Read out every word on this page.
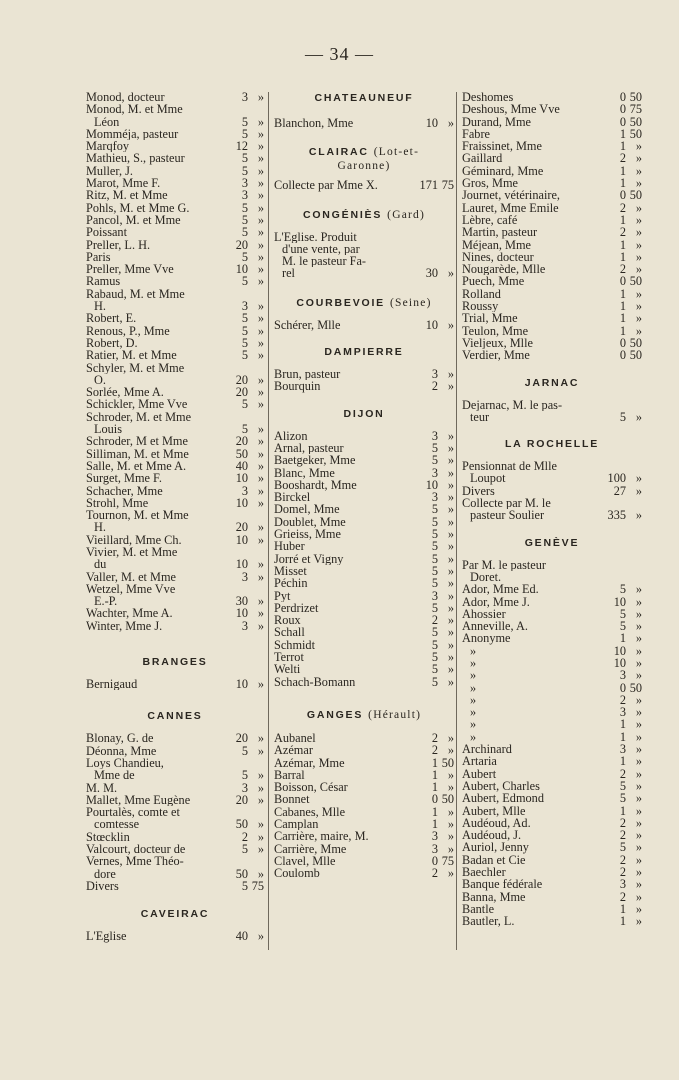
— 34 —
Monod, docteur	3 »
Monod, M. et Mme
Léon	5 »
Momméja, pasteur	5 »
Marqfoy	12 »
Mathieu, S., pasteur	5 »
Muller, J.	5 »
Marot, Mme F.	3 »
Ritz, M. et Mme	3 »
Pohls, M. et Mme G.	5 »
Pancol, M. et Mme	5 »
Poissant	5 »
Preller, L. H.	20 »
Paris	5 »
Preller, Mme Vve	10 »
Ramus	5 »
Rabaud, M. et Mme
H.	3 »
Robert, E.	5 »
Renous, P., Mme	5 »
Robert, D.	5 »
Ratier, M. et Mme	5 »
Schyler, M. et Mme
O.	20 »
Sorlée, Mme A.	20 »
Schickler, Mme Vve	5 »
Schroder, M. et Mme
Louis	5 »
Schroder, M et Mme	20 »
Silliman, M. et Mme	50 »
Salle, M. et Mme A.	40 »
Surget, Mme F.	10 »
Schacher, Mme	3 »
Strohl, Mme	10 »
Tournon, M. et Mme
H.	20 »
Vieillard, Mme Ch.	10 »
Vivier, M. et Mme
du	10 »
Valler, M. et Mme	3 »
Wetzel, Mme Vve
E.-P.	30 »
Wachter, Mme A.	10 »
Winter, Mme J.	3 »
BRANGES
Bernigaud	10 »
CANNES
Blonay, G. de	20 »
Déonna, Mme	5 »
Loys Chandieu,
Mme de	5 »
M. M.	3 »
Mallet, Mme Eugène	20 »
Pourtalès, comte et
comtesse	50 »
Stœcklin	2 »
Valcourt, docteur de	5 »
Vernes, Mme Théo-
dore	50 »
Divers	5 75
CAVEIRAC
L'Eglise	40 »
CHATEAUNEUF
Blanchon, Mme	10 »
CLAIRAC (Lot-et-
Garonne)
Collecte par Mme X.	171 75
CONGÉNIÈS (Gard)
L'Eglise. Produit
d'une vente, par
M. le pasteur Fa-
rel	30 »
COURBEVOIE (Seine)
Schérer, Mlle	10 »
DAMPIERRE
Brun, pasteur	3 »
Bourquin	2 »
DIJON
Alizon	3 »
Arnal, pasteur	5 »
Baetgeker, Mme	5 »
Blanc, Mme	3 »
Booshardt, Mme	10 »
Birckel	3 »
Domel, Mme	5 »
Doublet, Mme	5 »
Grieiss, Mme	5 »
Huber	5 »
Jorré et Vigny	5 »
Misset	5 »
Péchin	5 »
Pyt	3 »
Perdrizet	5 »
Roux	2 »
Schall	5 »
Schmidt	5 »
Terrot	5 »
Welti	5 »
Schach-Bomann	5 »
GANGES (Hérault)
Aubanel	2 »
Azémar	2 »
Azémar, Mme	1 50
Barral	1 »
Boisson, César	1 »
Bonnet	0 50
Cabanes, Mlle	1 »
Camplan	1 »
Carrière, maire, M.	3 »
Carrière, Mme	3 »
Clavel, Mlle	0 75
Coulomb	2 »
Deshomes	0 50
Deshous, Mme Vve	0 75
Durand, Mme	0 50
Fabre	1 50
Fraissinet, Mme	1 »
Gaillard	2 »
Géminard, Mme	1 »
Gros, Mme	1 »
Journet, vétérinaire,	0 50
Lauret, Mme Emile	2 »
Lèbre, café	1 »
Martin, pasteur	2 »
Méjean, Mme	1 »
Nines, docteur	1 »
Nougarède, Mlle	2 »
Puech, Mme	0 50
Rolland	1 »
Roussy	1 »
Trial, Mme	1 »
Teulon, Mme	1 »
Vieljeux, Mlle	0 50
Verdier, Mme	0 50
JARNAC
Dejarnac, M. le pas-
teur	5 »
LA ROCHELLE
Pensionnat de Mlle
Loupot	100 »
Divers	27 »
Collecte par M. le
pasteur Soulier	335 »
GENÈVE
Par M. le pasteur
Doret.
Ador, Mme Ed.	5 »
Ador, Mme J.	10 »
Ahossier	5 »
Anneville, A.	5 »
Anonyme	1 »
»	10 »
»	10 »
»	3 »
»	0 50
»	2 »
»	3 »
»	1 »
»	1 »
Archinard	3 »
Artaria	1 »
Aubert	2 »
Aubert, Charles	5 »
Aubert, Edmond	5 »
Aubert, Mlle	1 »
Audéoud, Ad.	2 »
Audéoud, J.	2 »
Auriol, Jenny	5 »
Badan et Cie	2 »
Baechler	2 »
Banque fédérale	3 »
Banna, Mme	2 »
Bantle	1 »
Bautler, L.	1 »
